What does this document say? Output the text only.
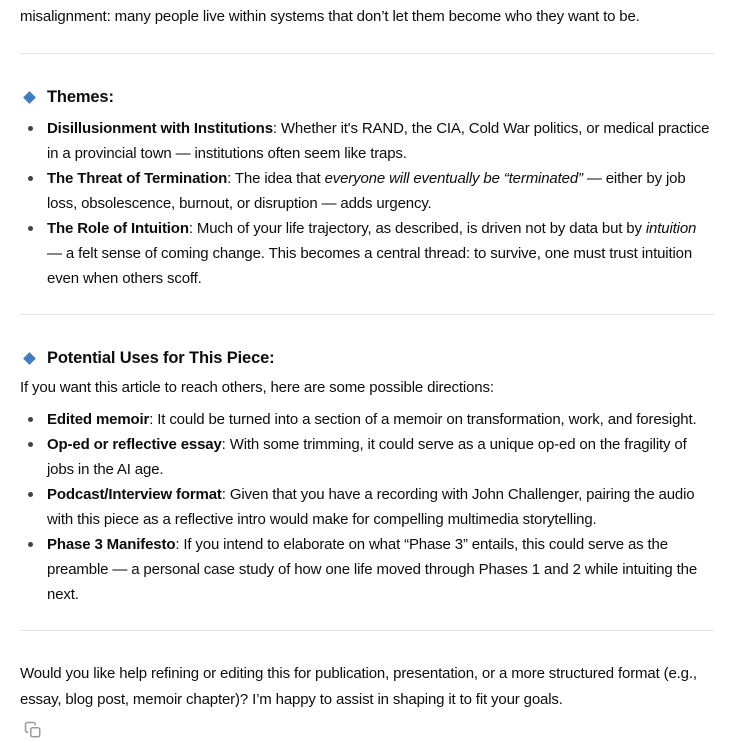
misalignment: many people live within systems that don’t let them become who they want to be.

Themes:
Disillusionment with Institutions: Whether it's RAND, the CIA, Cold War politics, or medical practice in a provincial town — institutions often seem like traps.
The Threat of Termination: The idea that everyone will eventually be “terminated” — either by job loss, obsolescence, burnout, or disruption — adds urgency.
The Role of Intuition: Much of your life trajectory, as described, is driven not by data but by intuition — a felt sense of coming change. This becomes a central thread: to survive, one must trust intuition even when others scoff.
Potential Uses for This Piece:

If you want this article to reach others, here are some possible directions:

Edited memoir: It could be turned into a section of a memoir on transformation, work, and foresight.
Op-ed or reflective essay: With some trimming, it could serve as a unique op-ed on the fragility of jobs in the AI age.
Podcast/Interview format: Given that you have a recording with John Challenger, pairing the audio with this piece as a reflective intro would make for compelling multimedia storytelling.
Phase 3 Manifesto: If you intend to elaborate on what “Phase 3” entails, this could serve as the preamble — a personal case study of how one life moved through Phases 1 and 2 while intuiting the next.

Would you like help refining or editing this for publication, presentation, or a more structured format (e.g., essay, blog post, memoir chapter)? I’m happy to assist in shaping it to fit your goals.
